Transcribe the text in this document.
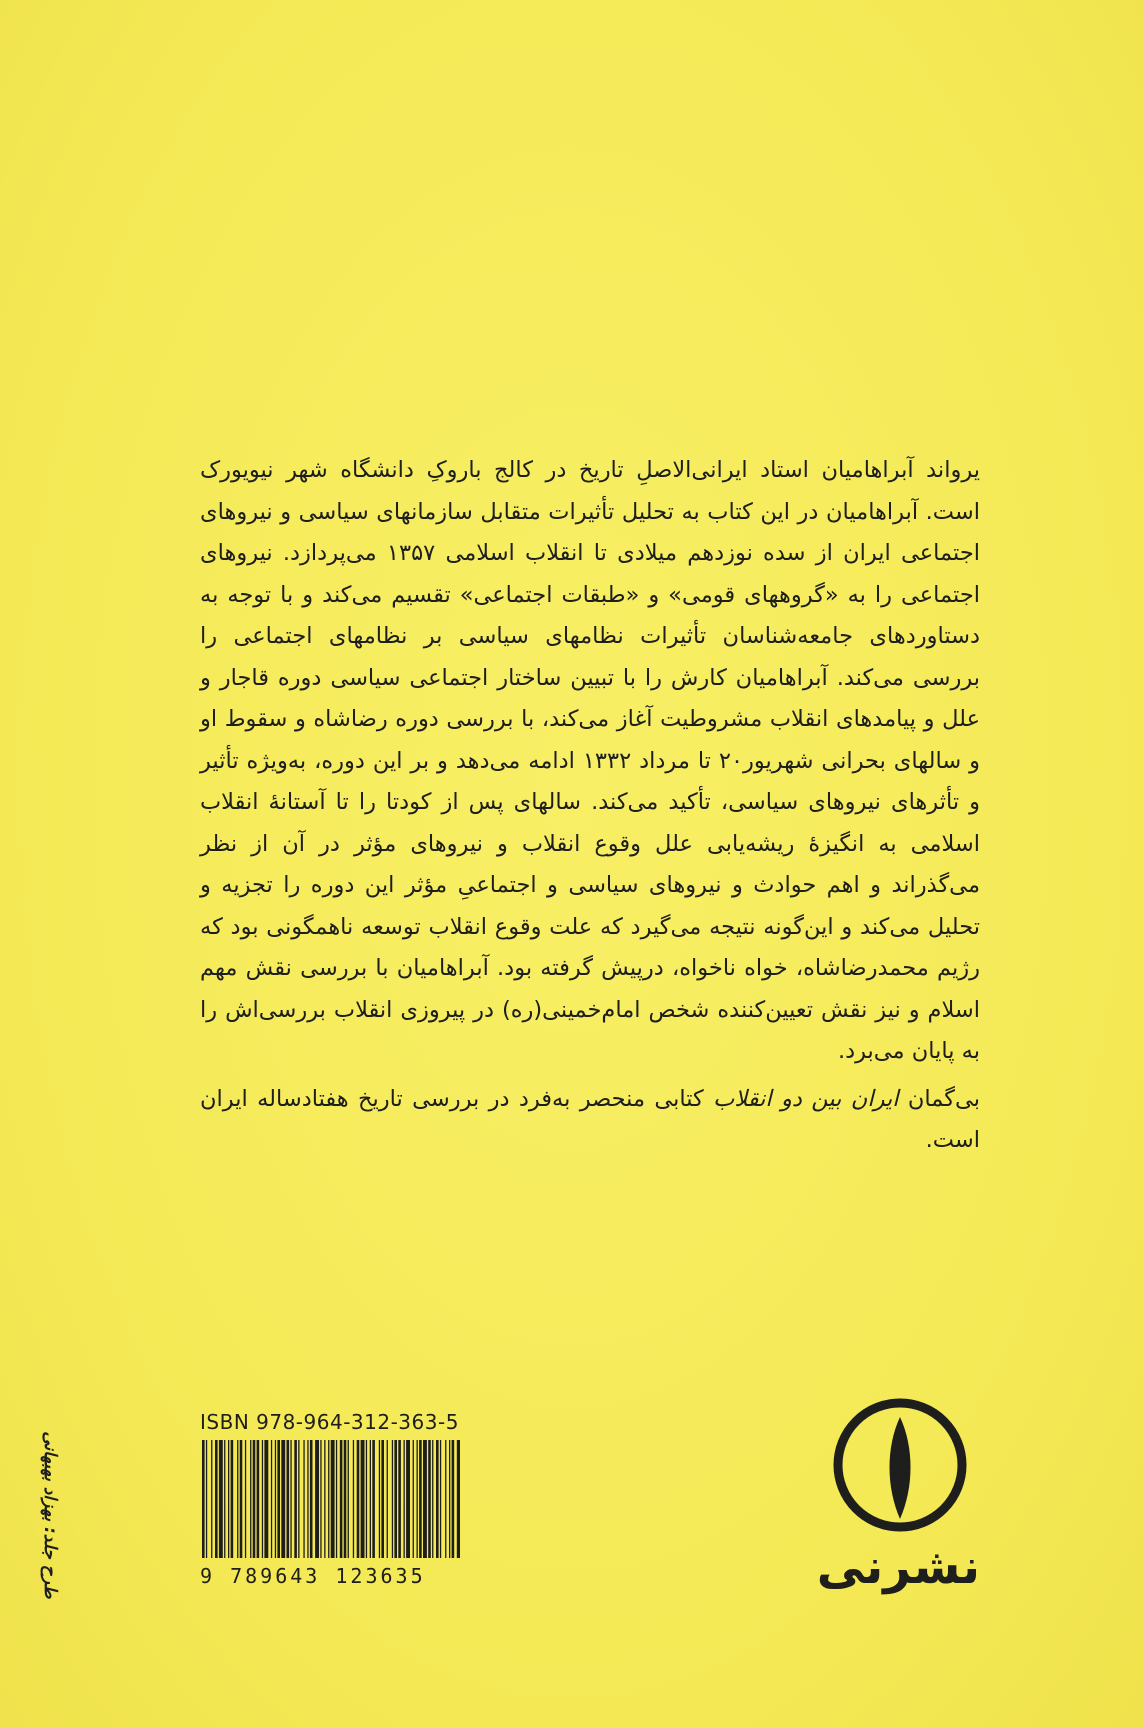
یرواند آبراهامیان استاد ایرانی‌الاصلِ تاریخ در کالج باروکِ دانشگاه شهر نیویورک است. آبراهامیان در این کتاب به تحلیل تأثیرات متقابل سازمانهای سیاسی و نیروهای اجتماعی ایران از سده نوزدهم میلادی تا انقلاب اسلامی ۱۳۵۷ می‌پردازد. نیروهای اجتماعی را به «گروههای قومی» و «طبقات اجتماعی» تقسیم می‌کند و با توجه به دستاوردهای جامعه‌شناسان تأثیرات نظامهای سیاسی بر نظامهای اجتماعی را بررسی می‌کند. آبراهامیان کارش را با تبیین ساختار اجتماعی سیاسی دوره قاجار و علل و پیامدهای انقلاب مشروطیت آغاز می‌کند، با بررسی دوره رضاشاه و سقوط او و سالهای بحرانی شهریور۲۰ تا مرداد ۱۳۳۲ ادامه می‌دهد و بر این دوره، به‌ویژه تأثیر و تأثرهای نیروهای سیاسی، تأکید می‌کند. سالهای پس از کودتا را تا آستانهٔ انقلاب اسلامی به انگیزهٔ ریشه‌یابی علل وقوع انقلاب و نیروهای مؤثر در آن از نظر می‌گذراند و اهم حوادث و نیروهای سیاسی و اجتماعیِ مؤثر این دوره را تجزیه و تحلیل می‌کند و این‌گونه نتیجه می‌گیرد که علت وقوع انقلاب توسعه ناهمگونی بود که رژیم محمدرضاشاه، خواه ناخواه، درپیش گرفته بود. آبراهامیان با بررسی نقش مهم اسلام و نیز نقش تعیین‌کننده شخص امام‌خمینی(ره) در پیروزی انقلاب بررسی‌اش را به پایان می‌برد.

بی‌گمان ایران بین دو انقلاب کتابی منحصر به‌فرد در بررسی تاریخ هفتادساله ایران است.

ISBN 978-964-312-363-5
9 789643 123635	نشرنی
طرح جلد: بهزاد بهبهانی
